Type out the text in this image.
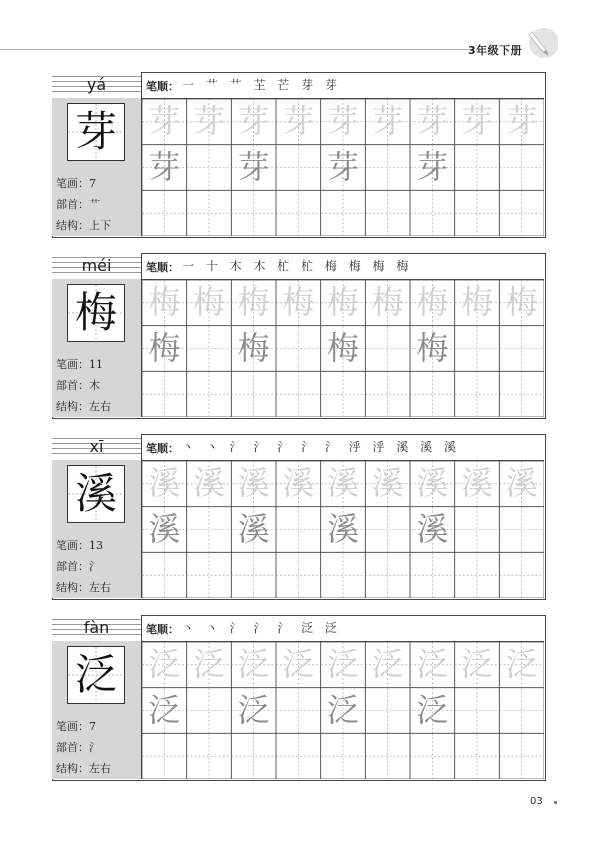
3年级下册
yá
芽
笔画：7
部首：艹
结构：上下
笔顺： 一 艹 艹 芏 芒 芽 芽
芽 芽 芽 芽 芽 芽 芽 芽 芽
芽 芽 芽 芽
méi
梅
笔画：11
部首：木
结构：左右
笔顺： 一 十 木 木 杧 杧 梅 梅 梅 梅
梅 梅 梅 梅 梅 梅 梅 梅 梅
梅 梅 梅 梅
xī
溪
笔画：13
部首：氵
结构：左右
笔顺： 丶 丶 氵 氵 氵 氵 氵 泘 泘 溪 溪 溪
溪 溪 溪 溪 溪 溪 溪 溪 溪
溪 溪 溪 溪
fàn
泛
笔画：7
部首：氵
结构：左右
笔顺： 丶 丶 氵 氵 氵 泛 泛
泛 泛 泛 泛 泛 泛 泛 泛 泛
泛 泛 泛 泛
03
